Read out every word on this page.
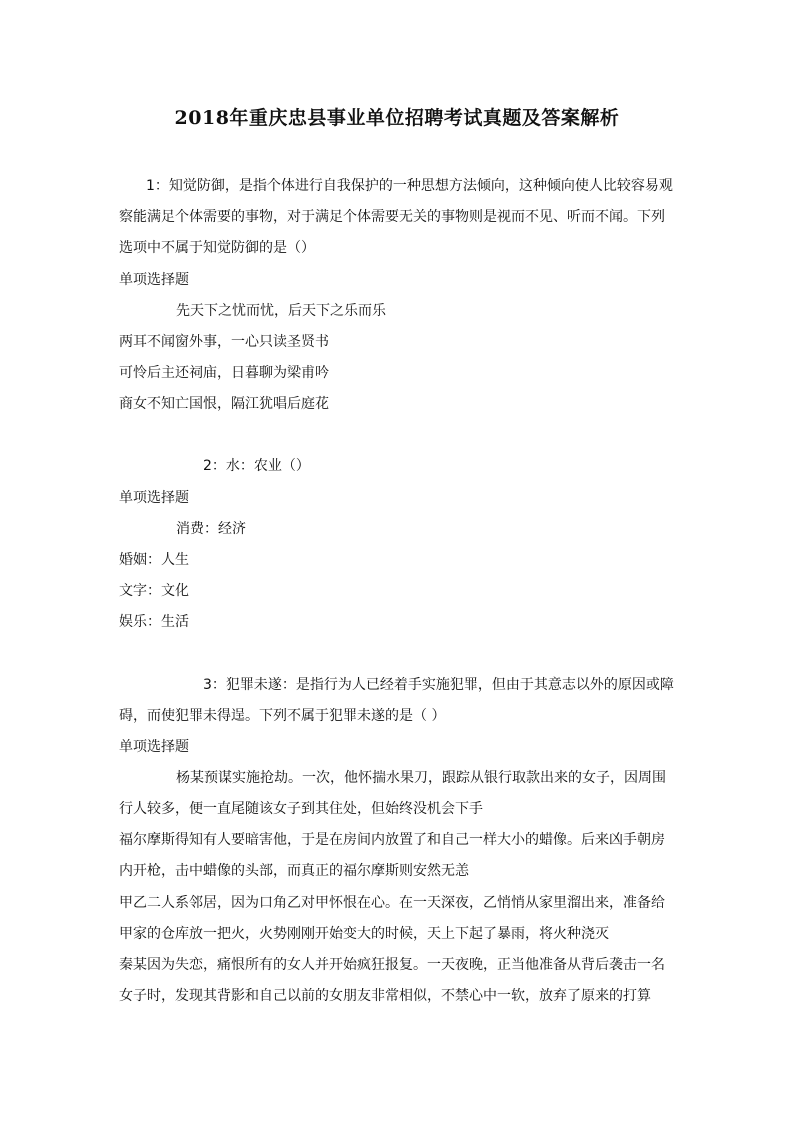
2018年重庆忠县事业单位招聘考试真题及答案解析
1：知觉防御，是指个体进行自我保护的一种思想方法倾向，这种倾向使人比较容易观
察能满足个体需要的事物，对于满足个体需要无关的事物则是视而不见、听而不闻。下列
选项中不属于知觉防御的是（）
单项选择题
先天下之忧而忧，后天下之乐而乐
两耳不闻窗外事，一心只读圣贤书
可怜后主还祠庙，日暮聊为梁甫吟
商女不知亡国恨，隔江犹唱后庭花
2：水：农业（）
单项选择题
消费：经济
婚姻：人生
文字：文化
娱乐：生活
3：犯罪未遂：是指行为人已经着手实施犯罪，但由于其意志以外的原因或障
碍，而使犯罪未得逞。下列不属于犯罪未遂的是（ ）
单项选择题
杨某预谋实施抢劫。一次，他怀揣水果刀，跟踪从银行取款出来的女子，因周围
行人较多，便一直尾随该女子到其住处，但始终没机会下手
福尔摩斯得知有人要暗害他，于是在房间内放置了和自己一样大小的蜡像。后来凶手朝房
内开枪，击中蜡像的头部，而真正的福尔摩斯则安然无恙
甲乙二人系邻居，因为口角乙对甲怀恨在心。在一天深夜，乙悄悄从家里溜出来，准备给
甲家的仓库放一把火，火势刚刚开始变大的时候，天上下起了暴雨，将火种浇灭
秦某因为失恋，痛恨所有的女人并开始疯狂报复。一天夜晚，正当他准备从背后袭击一名
女子时，发现其背影和自己以前的女朋友非常相似，不禁心中一软，放弃了原来的打算
